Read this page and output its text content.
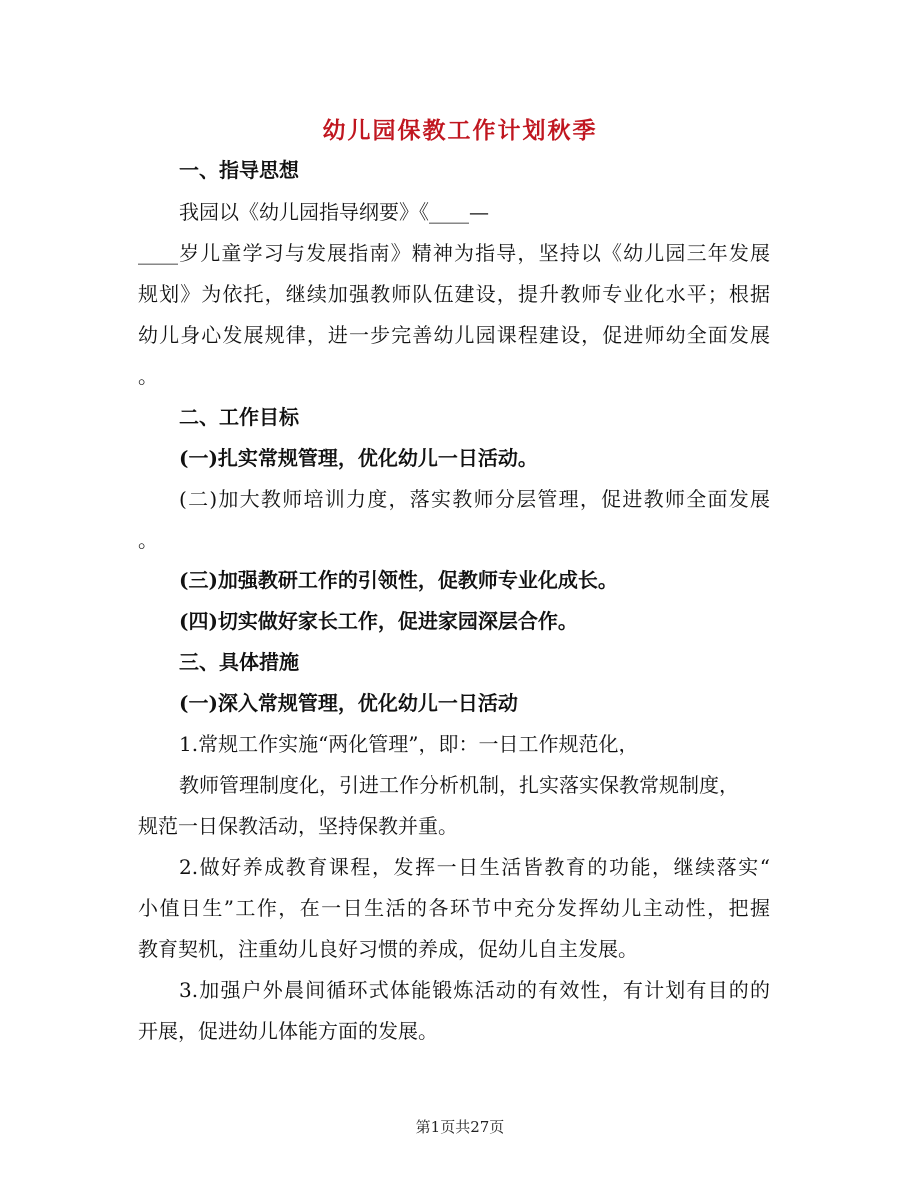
幼儿园保教工作计划秋季
一、指导思想
我园以《幼儿园指导纲要》《____—
____岁儿童学习与发展指南》精神为指导，坚持以《幼儿园三年发展
规划》为依托，继续加强教师队伍建设，提升教师专业化水平；根据
幼儿身心发展规律，进一步完善幼儿园课程建设，促进师幼全面发展
。
二、工作目标
(一)扎实常规管理，优化幼儿一日活动。
(二)加大教师培训力度，落实教师分层管理，促进教师全面发展
。
(三)加强教研工作的引领性，促教师专业化成长。
(四)切实做好家长工作，促进家园深层合作。
三、具体措施
(一)深入常规管理，优化幼儿一日活动
1.常规工作实施“两化管理”，即：一日工作规范化，
教师管理制度化，引进工作分析机制，扎实落实保教常规制度，
规范一日保教活动，坚持保教并重。
2.做好养成教育课程，发挥一日生活皆教育的功能，继续落实“
小值日生”工作，在一日生活的各环节中充分发挥幼儿主动性，把握
教育契机，注重幼儿良好习惯的养成，促幼儿自主发展。
3.加强户外晨间循环式体能锻炼活动的有效性，有计划有目的的
开展，促进幼儿体能方面的发展。
第1页共27页
